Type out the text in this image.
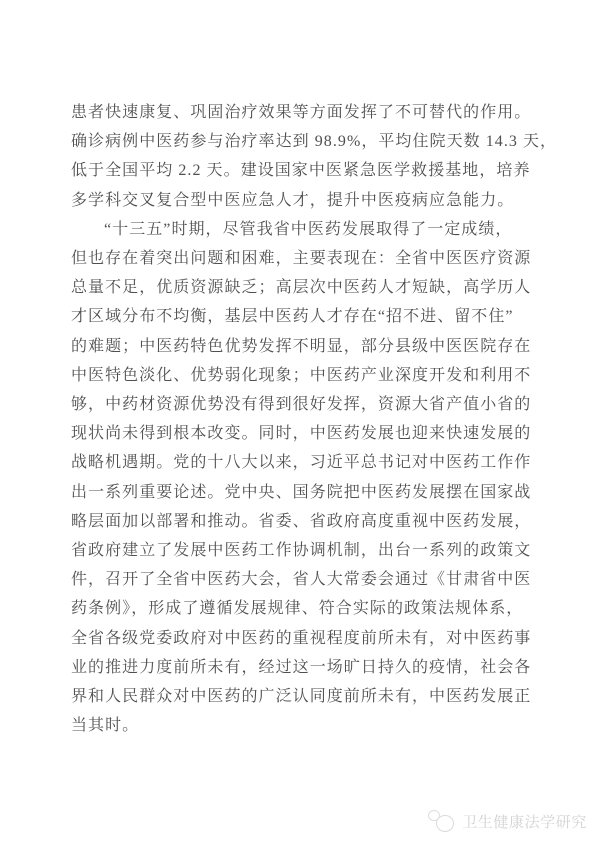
患者快速康复、巩固治疗效果等方面发挥了不可替代的作用。

确诊病例中医药参与治疗率达到 98.9%，平均住院天数 14.3 天，

低于全国平均 2.2 天。建设国家中医紧急医学救援基地，培养

多学科交叉复合型中医应急人才，提升中医疫病应急能力。

“十三五”时期，尽管我省中医药发展取得了一定成绩，

但也存在着突出问题和困难，主要表现在：全省中医医疗资源

总量不足，优质资源缺乏；高层次中医药人才短缺，高学历人

才区域分布不均衡，基层中医药人才存在“招不进、留不住”

的难题；中医药特色优势发挥不明显，部分县级中医医院存在

中医特色淡化、优势弱化现象；中医药产业深度开发和利用不

够，中药材资源优势没有得到很好发挥，资源大省产值小省的

现状尚未得到根本改变。同时，中医药发展也迎来快速发展的

战略机遇期。党的十八大以来，习近平总书记对中医药工作作

出一系列重要论述。党中央、国务院把中医药发展摆在国家战

略层面加以部署和推动。省委、省政府高度重视中医药发展，

省政府建立了发展中医药工作协调机制，出台一系列的政策文

件，召开了全省中医药大会，省人大常委会通过《甘肃省中医

药条例》，形成了遵循发展规律、符合实际的政策法规体系，

全省各级党委政府对中医药的重视程度前所未有，对中医药事

业的推进力度前所未有，经过这一场旷日持久的疫情，社会各

界和人民群众对中医药的广泛认同度前所未有，中医药发展正

当其时。

卫生健康法学研究
